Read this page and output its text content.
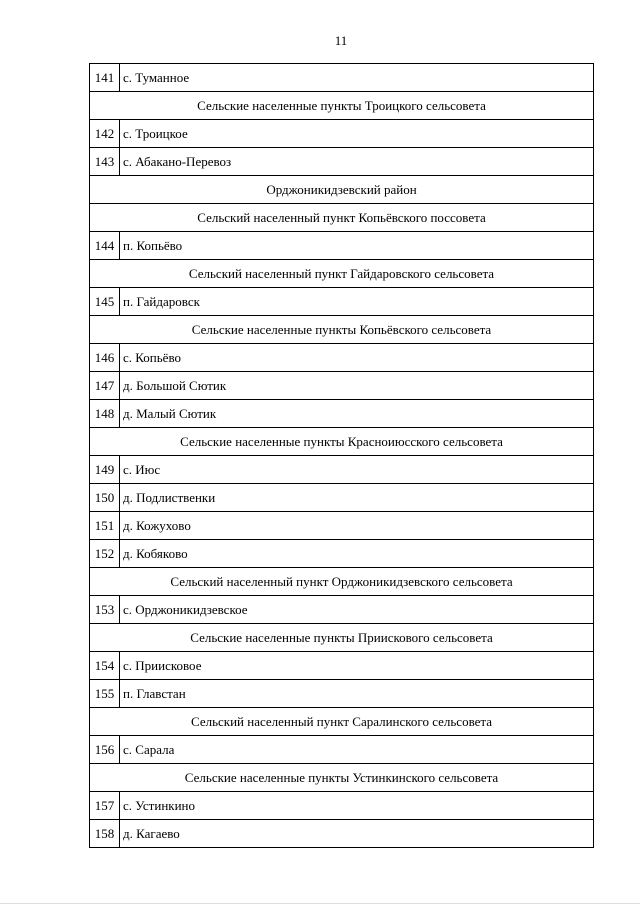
11
141	с. Туманное
Сельские населенные пункты Троицкого сельсовета	
142	с. Троицкое
143	с. Абакано-Перевоз
Орджоникидзевский район	
Сельский населенный пункт Копьёвского поссовета	
144	п. Копьёво
Сельский населенный пункт Гайдаровского сельсовета	
145	п. Гайдаровск
Сельские населенные пункты Копьёвского сельсовета	
146	с. Копьёво
147	д. Большой Сютик
148	д. Малый Сютик
Сельские населенные пункты Красноиюсского сельсовета	
149	с. Июс
150	д. Подлиственки
151	д. Кожухово
152	д. Кобяково
Сельский населенный пункт Орджоникидзевского сельсовета	
153	с. Орджоникидзевское
Сельские населенные пункты Приискового сельсовета	
154	с. Приисковое
155	п. Главстан
Сельский населенный пункт Саралинского сельсовета	
156	с. Сарала
Сельские населенные пункты Устинкинского сельсовета	
157	с. Устинкино
158	д. Кагаево
